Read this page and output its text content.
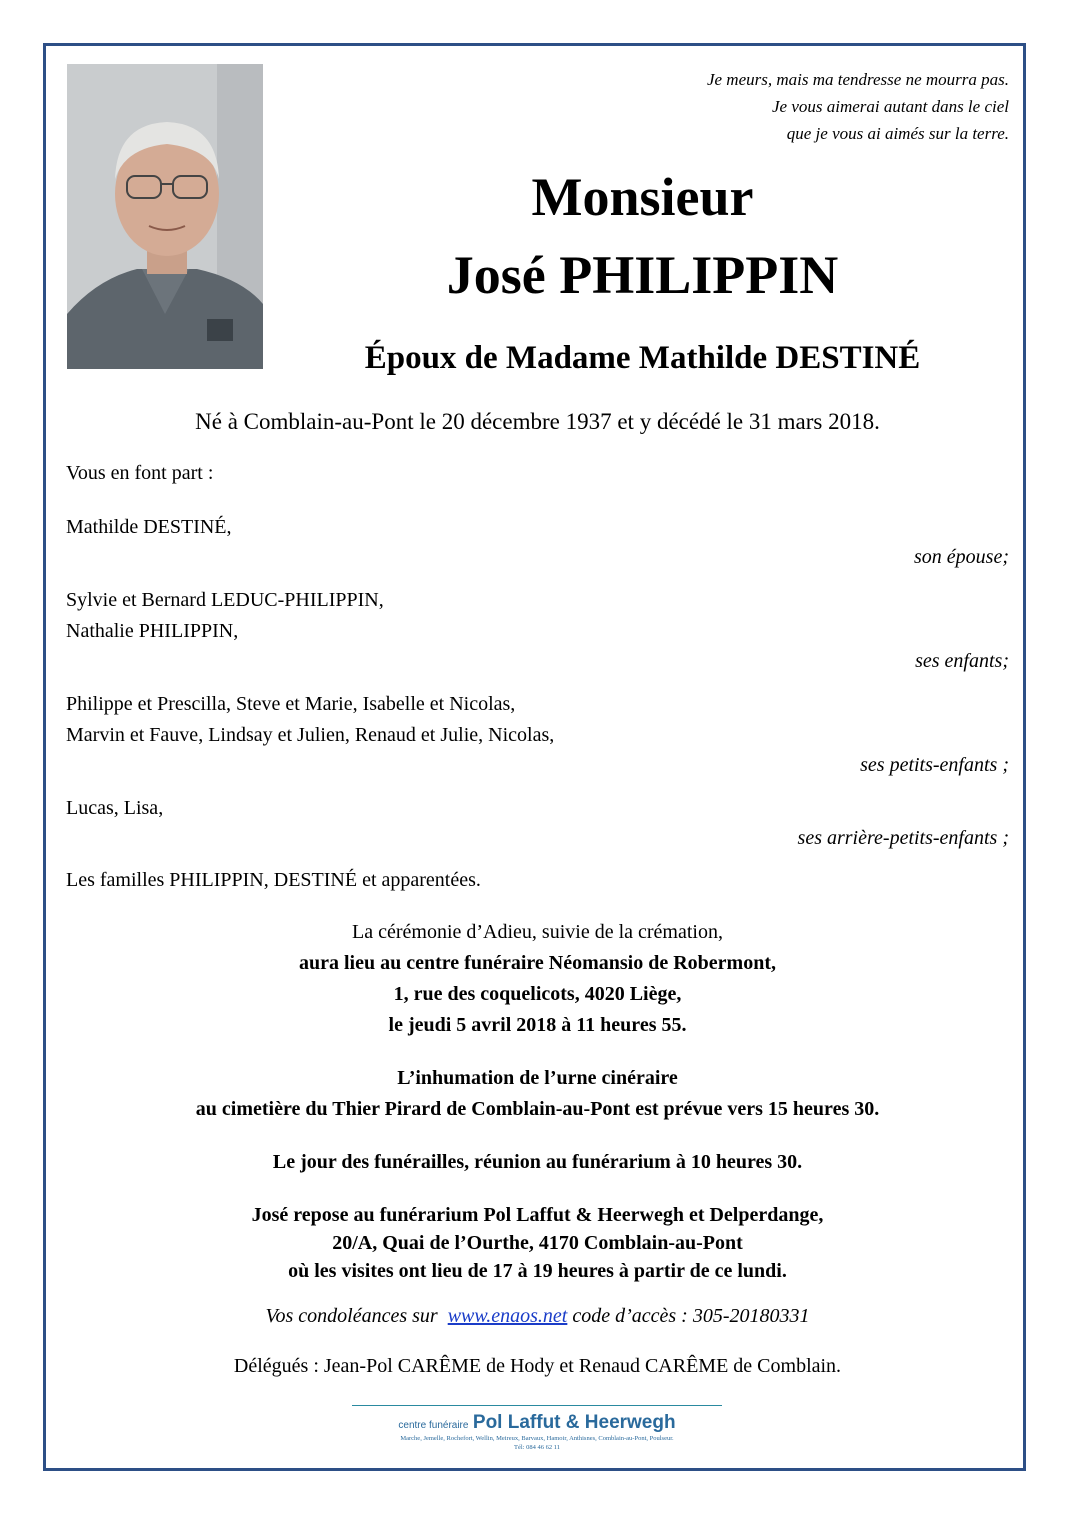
Je meurs, mais ma tendresse ne mourra pas.
Je vous aimerai autant dans le ciel
que je vous ai aimés sur la terre.
Monsieur
José PHILIPPIN
Époux de Madame Mathilde DESTINÉ
Né à Comblain-au-Pont le 20 décembre 1937 et y décédé le 31 mars 2018.
Vous en font part :
Mathilde DESTINÉ,
son épouse;
Sylvie et Bernard LEDUC-PHILIPPIN,
Nathalie PHILIPPIN,
ses enfants;
Philippe et Prescilla, Steve et Marie, Isabelle et Nicolas,
Marvin et Fauve, Lindsay et Julien, Renaud et Julie, Nicolas,
ses petits-enfants ;
Lucas, Lisa,
ses arrière-petits-enfants ;
Les familles PHILIPPIN, DESTINÉ et apparentées.
La cérémonie d’Adieu, suivie de la crémation,
aura lieu au centre funéraire Néomansio de Robermont,
1, rue des coquelicots, 4020 Liège,
le jeudi 5 avril 2018 à 11 heures 55.
L’inhumation de l’urne cinéraire
au cimetière du Thier Pirard de Comblain-au-Pont est prévue vers 15 heures 30.
Le jour des funérailles, réunion au funérarium à 10 heures 30.
José repose au funérarium Pol Laffut & Heerwegh et Delperdange,
20/A, Quai de l’Ourthe, 4170 Comblain-au-Pont
où les visites ont lieu de 17 à 19 heures à partir de ce lundi.
Vos condoléances sur www.enaos.net code d’accès : 305-20180331
Délégués : Jean-Pol CARÊME de Hody et Renaud CARÊME de Comblain.
centre funéraire Pol Laffut & Heerwegh
Marche, Jemelle, Rochefort, Wellin, Meireux, Barvaux, Hamoir, Anthisnes, Comblain-au-Pont, Poulseur.
Tél: 084 46 62 11
